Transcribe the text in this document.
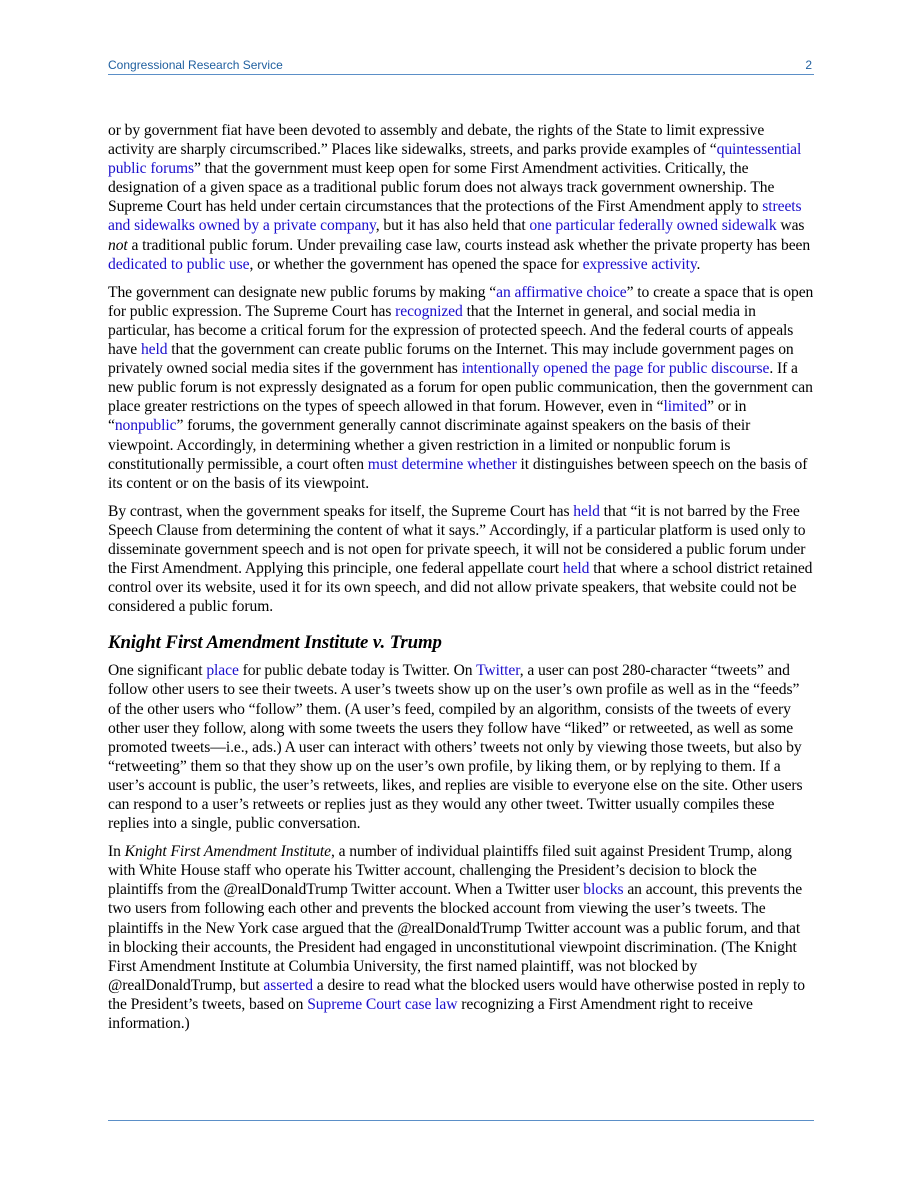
Congressional Research Service	2

or by government fiat have been devoted to assembly and debate, the rights of the State to limit expressive activity are sharply circumscribed.” Places like sidewalks, streets, and parks provide examples of “quintessential public forums” that the government must keep open for some First Amendment activities. Critically, the designation of a given space as a traditional public forum does not always track government ownership. The Supreme Court has held under certain circumstances that the protections of the First Amendment apply to streets and sidewalks owned by a private company, but it has also held that one particular federally owned sidewalk was not a traditional public forum. Under prevailing case law, courts instead ask whether the private property has been dedicated to public use, or whether the government has opened the space for expressive activity.

The government can designate new public forums by making “an affirmative choice” to create a space that is open for public expression. The Supreme Court has recognized that the Internet in general, and social media in particular, has become a critical forum for the expression of protected speech. And the federal courts of appeals have held that the government can create public forums on the Internet. This may include government pages on privately owned social media sites if the government has intentionally opened the page for public discourse. If a new public forum is not expressly designated as a forum for open public communication, then the government can place greater restrictions on the types of speech allowed in that forum. However, even in “limited” or in “nonpublic” forums, the government generally cannot discriminate against speakers on the basis of their viewpoint. Accordingly, in determining whether a given restriction in a limited or nonpublic forum is constitutionally permissible, a court often must determine whether it distinguishes between speech on the basis of its content or on the basis of its viewpoint.

By contrast, when the government speaks for itself, the Supreme Court has held that “it is not barred by the Free Speech Clause from determining the content of what it says.” Accordingly, if a particular platform is used only to disseminate government speech and is not open for private speech, it will not be considered a public forum under the First Amendment. Applying this principle, one federal appellate court held that where a school district retained control over its website, used it for its own speech, and did not allow private speakers, that website could not be considered a public forum.

Knight First Amendment Institute v. Trump

One significant place for public debate today is Twitter. On Twitter, a user can post 280-character “tweets” and follow other users to see their tweets. A user’s tweets show up on the user’s own profile as well as in the “feeds” of the other users who “follow” them. (A user’s feed, compiled by an algorithm, consists of the tweets of every other user they follow, along with some tweets the users they follow have “liked” or retweeted, as well as some promoted tweets—i.e., ads.) A user can interact with others’ tweets not only by viewing those tweets, but also by “retweeting” them so that they show up on the user’s own profile, by liking them, or by replying to them. If a user’s account is public, the user’s retweets, likes, and replies are visible to everyone else on the site. Other users can respond to a user’s retweets or replies just as they would any other tweet. Twitter usually compiles these replies into a single, public conversation.

In Knight First Amendment Institute, a number of individual plaintiffs filed suit against President Trump, along with White House staff who operate his Twitter account, challenging the President’s decision to block the plaintiffs from the @realDonaldTrump Twitter account. When a Twitter user blocks an account, this prevents the two users from following each other and prevents the blocked account from viewing the user’s tweets. The plaintiffs in the New York case argued that the @realDonaldTrump Twitter account was a public forum, and that in blocking their accounts, the President had engaged in unconstitutional viewpoint discrimination. (The Knight First Amendment Institute at Columbia University, the first named plaintiff, was not blocked by @realDonaldTrump, but asserted a desire to read what the blocked users would have otherwise posted in reply to the President’s tweets, based on Supreme Court case law recognizing a First Amendment right to receive information.)
